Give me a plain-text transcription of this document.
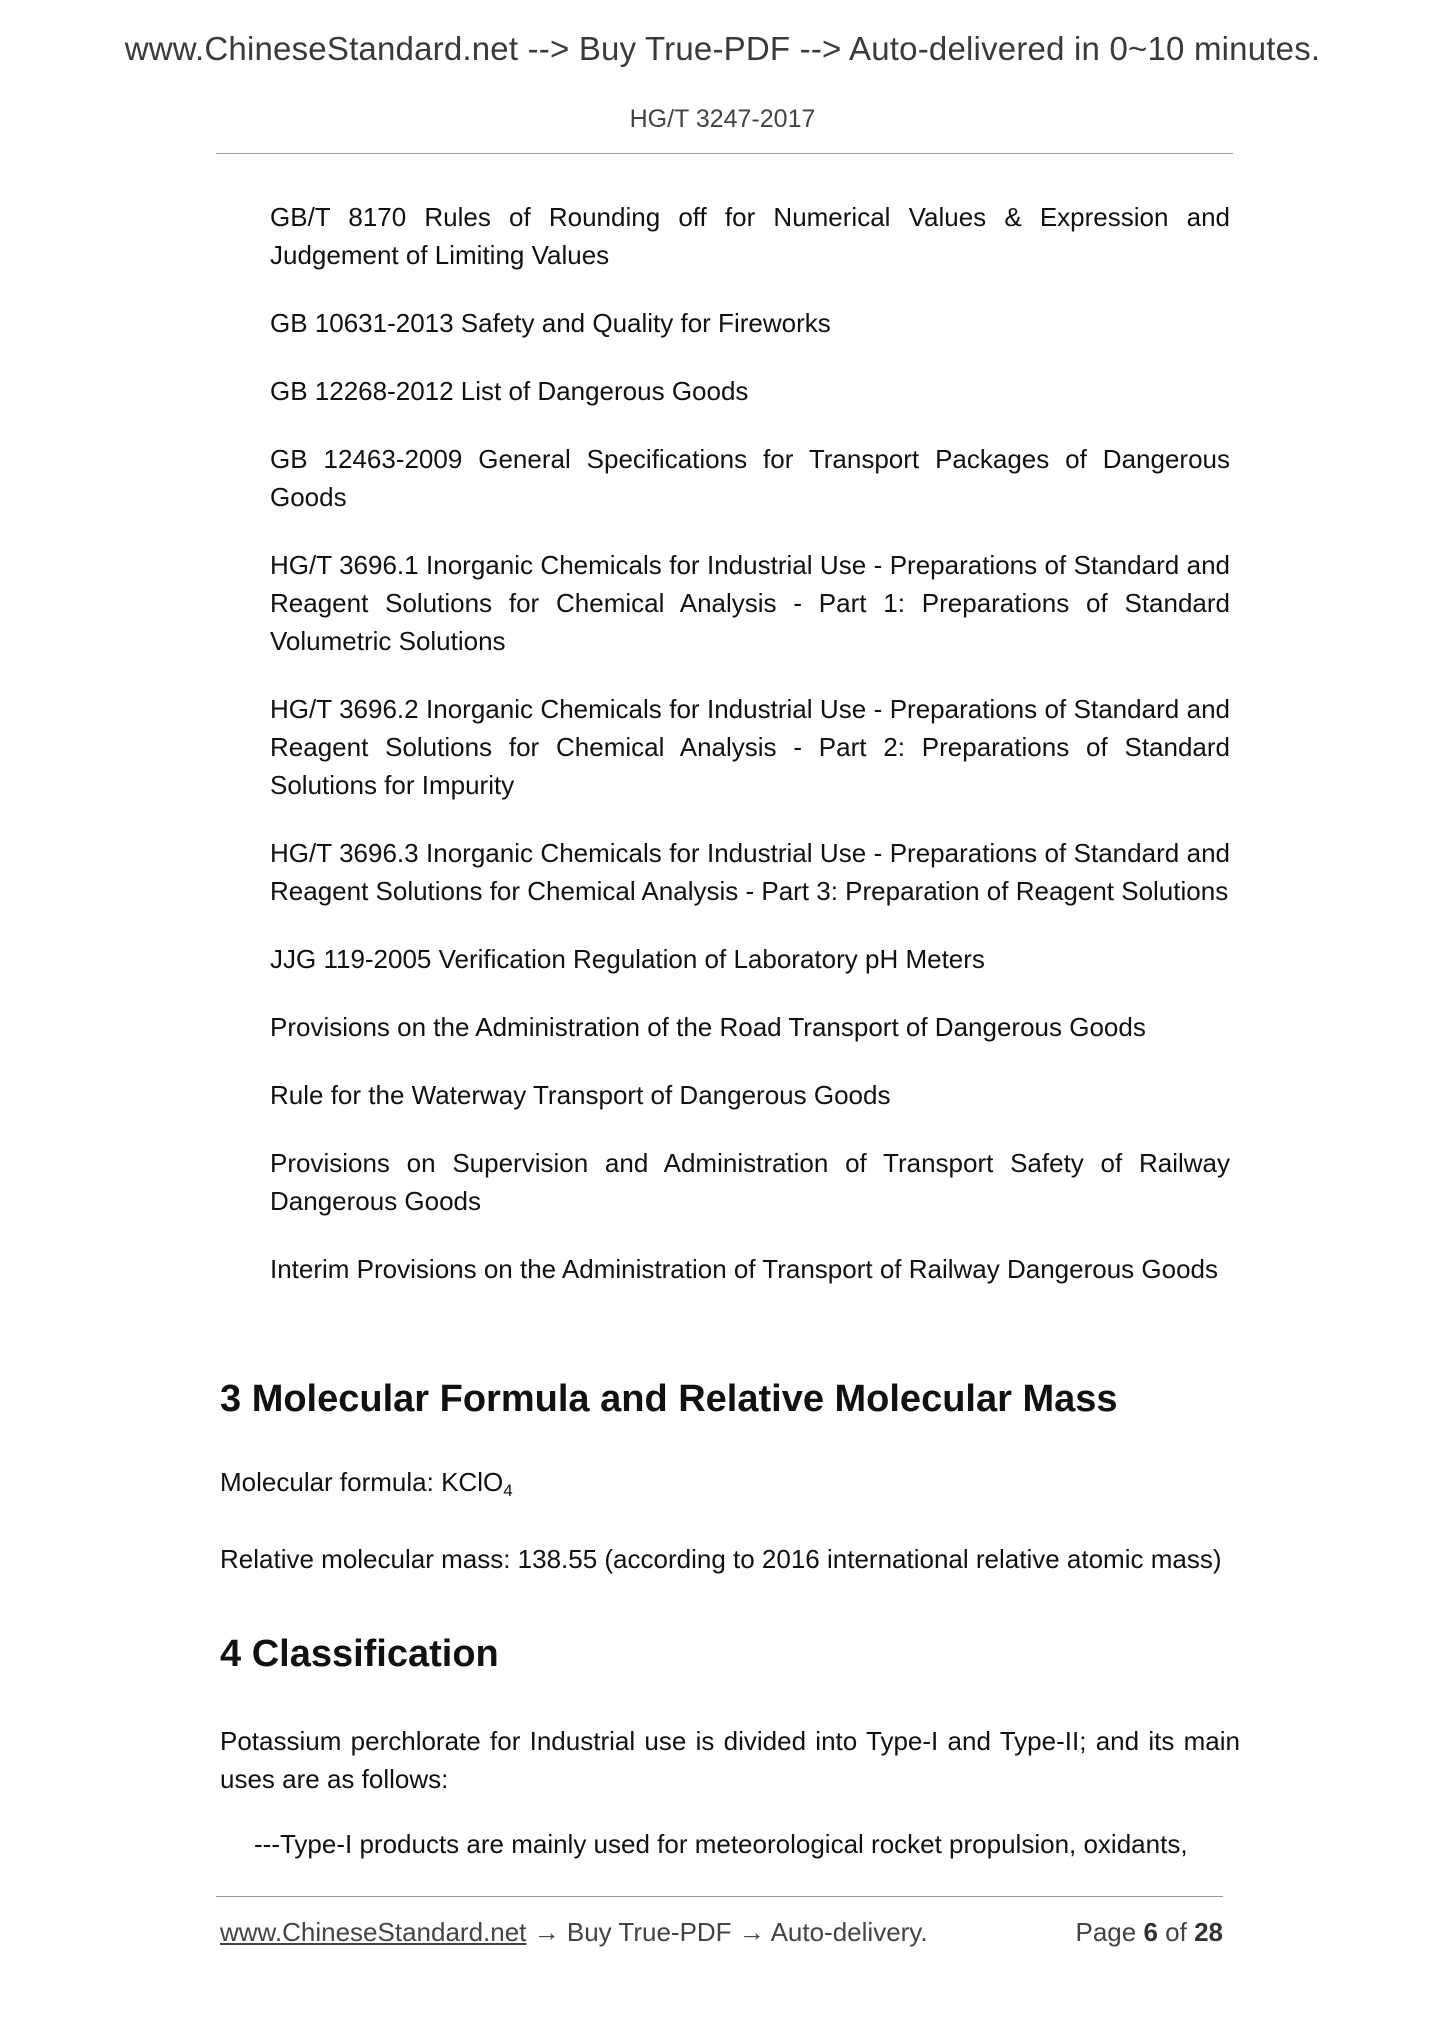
www.ChineseStandard.net --> Buy True-PDF --> Auto-delivered in 0~10 minutes.
HG/T 3247-2017
GB/T 8170 Rules of Rounding off for Numerical Values & Expression and Judgement of Limiting Values
GB 10631-2013 Safety and Quality for Fireworks
GB 12268-2012 List of Dangerous Goods
GB 12463-2009 General Specifications for Transport Packages of Dangerous Goods
HG/T 3696.1 Inorganic Chemicals for Industrial Use - Preparations of Standard and Reagent Solutions for Chemical Analysis - Part 1: Preparations of Standard Volumetric Solutions
HG/T 3696.2 Inorganic Chemicals for Industrial Use - Preparations of Standard and Reagent Solutions for Chemical Analysis - Part 2: Preparations of Standard Solutions for Impurity
HG/T 3696.3 Inorganic Chemicals for Industrial Use - Preparations of Standard and Reagent Solutions for Chemical Analysis - Part 3: Preparation of Reagent Solutions
JJG 119-2005 Verification Regulation of Laboratory pH Meters
Provisions on the Administration of the Road Transport of Dangerous Goods
Rule for the Waterway Transport of Dangerous Goods
Provisions on Supervision and Administration of Transport Safety of Railway Dangerous Goods
Interim Provisions on the Administration of Transport of Railway Dangerous Goods
3 Molecular Formula and Relative Molecular Mass

Molecular formula: KClO$_4$

Relative molecular mass: 138.55 (according to 2016 international relative atomic mass)

4 Classification

Potassium perchlorate for Industrial use is divided into Type-I and Type-II; and its main uses are as follows:

---Type-I products are mainly used for meteorological rocket propulsion, oxidants,

www.ChineseStandard.net → Buy True-PDF → Auto-delivery.	Page 6 of 28
